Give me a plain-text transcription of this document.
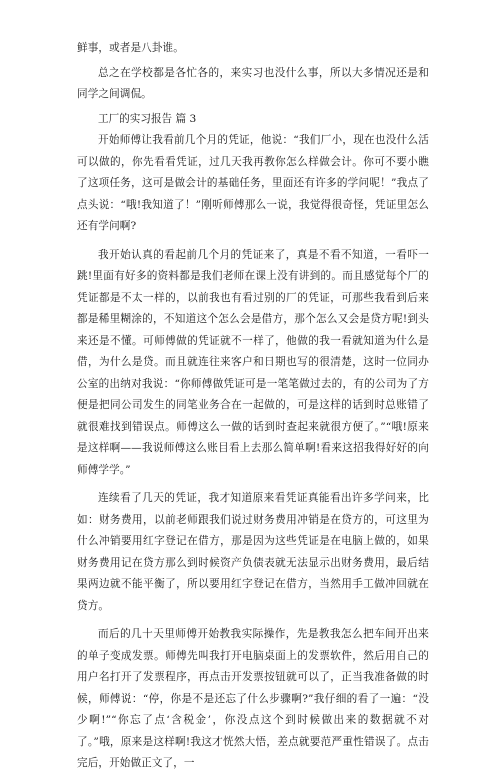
鲜事，或者是八卦谁。

总之在学校都是各忙各的，来实习也没什么事，所以大多情况还是和同学之间调侃。

工厂的实习报告 篇 3

开始师傅让我看前几个月的凭证，他说：“我们厂小，现在也没什么活可以做的，你先看看凭证，过几天我再教你怎么样做会计。你可不要小瞧了这项任务，这可是做会计的基础任务，里面还有许多的学问呢！”我点了点头说：“哦!我知道了！”刚听师傅那么一说，我觉得很奇怪，凭证里怎么还有学问啊?

我开始认真的看起前几个月的凭证来了，真是不看不知道，一看吓一跳!里面有好多的资料都是我们老师在课上没有讲到的。而且感觉每个厂的凭证都是不太一样的，以前我也有看过别的厂的凭证，可那些我看到后来都是稀里糊涂的，不知道这个怎么会是借方，那个怎么又会是贷方呢!到头来还是不懂。可师傅做的凭证就不一样了，他做的我一看就知道为什么是借，为什么是贷。而且就连往来客户和日期也写的很清楚，这时一位同办公室的出纳对我说：“你师傅做凭证可是一笔笔做过去的，有的公司为了方便是把同公司发生的同笔业务合在一起做的，可是这样的话到时总账错了就很难找到错误点。师傅这么一做的话到时查起来就很方便了。”“哦!原来是这样啊——我说师傅这么账目看上去那么简单啊!看来这招我得好好的向师傅学学。”

连续看了几天的凭证，我才知道原来看凭证真能看出许多学问来，比如：财务费用，以前老师跟我们说过财务费用冲销是在贷方的，可这里为什么冲销要用红字登记在借方，那是因为这些凭证是在电脑上做的，如果财务费用记在贷方那么到时候资产负债表就无法显示出财务费用，最后结果两边就不能平衡了，所以要用红字登记在借方，当然用手工做冲回就在贷方。

而后的几十天里师傅开始教我实际操作，先是教我怎么把车间开出来的单子变成发票。师傅先叫我打开电脑桌面上的发票软件，然后用自己的用户名打开了发票程序，再点击开发票按钮就可以了，正当我准备做的时候，师傅说：“停，你是不是还忘了什么步骤啊?”我仔细的看了一遍：“没少啊!”“你忘了点‘含税金’，你没点这个到时候做出来的数据就不对了。”哦，原来是这样啊!我这才恍然大悟，差点就要范严重性错误了。点击完后，开始做正文了，一
